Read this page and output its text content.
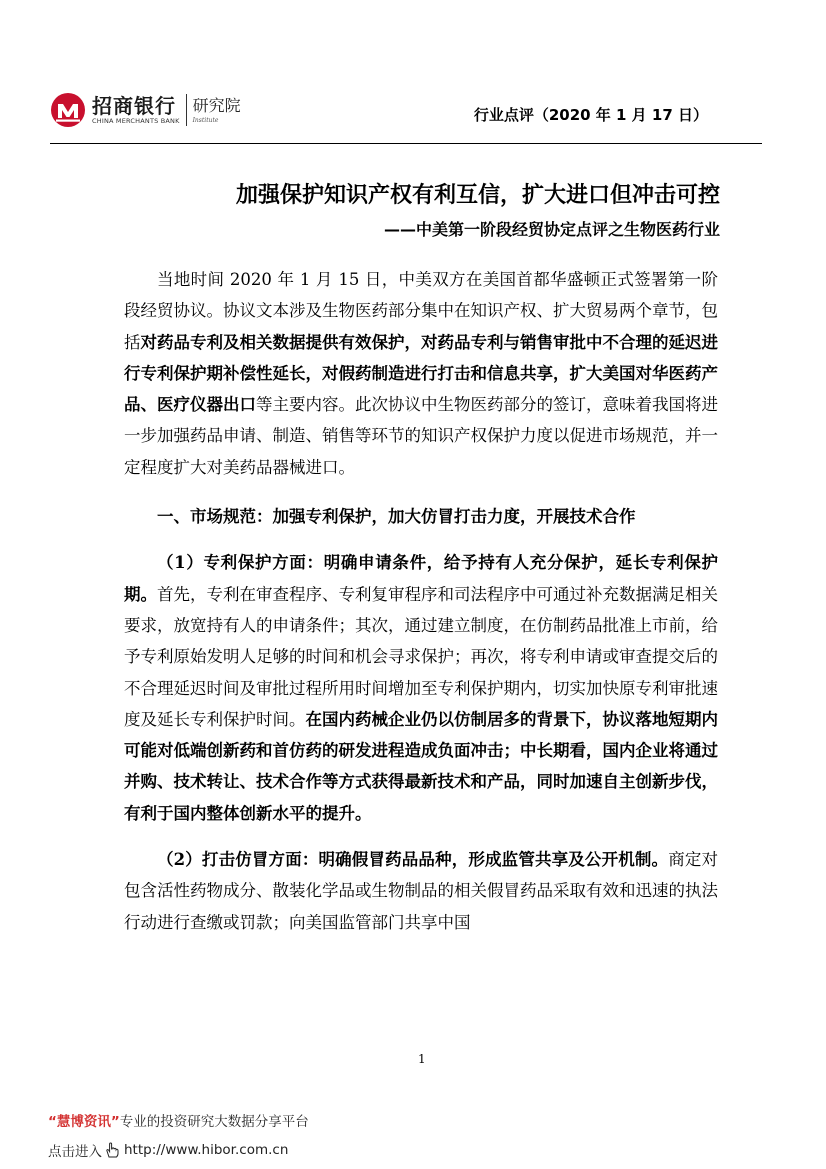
招商银行
CHINA MERCHANTS BANK
研究院
Institute	行业点评（2020 年 1 月 17 日）
加强保护知识产权有利互信，扩大进口但冲击可控
——中美第一阶段经贸协定点评之生物医药行业

当地时间 2020 年 1 月 15 日，中美双方在美国首都华盛顿正式签署第一阶段经贸协议。协议文本涉及生物医药部分集中在知识产权、扩大贸易两个章节，包括对药品专利及相关数据提供有效保护，对药品专利与销售审批中不合理的延迟进行专利保护期补偿性延长，对假药制造进行打击和信息共享，扩大美国对华医药产品、医疗仪器出口等主要内容。此次协议中生物医药部分的签订，意味着我国将进一步加强药品申请、制造、销售等环节的知识产权保护力度以促进市场规范，并一定程度扩大对美药品器械进口。

一、市场规范：加强专利保护，加大仿冒打击力度，开展技术合作

（1）专利保护方面：明确申请条件，给予持有人充分保护，延长专利保护期。首先，专利在审查程序、专利复审程序和司法程序中可通过补充数据满足相关要求，放宽持有人的申请条件；其次，通过建立制度，在仿制药品批准上市前，给予专利原始发明人足够的时间和机会寻求保护；再次，将专利申请或审查提交后的不合理延迟时间及审批过程所用时间增加至专利保护期内，切实加快原专利审批速度及延长专利保护时间。在国内药械企业仍以仿制居多的背景下，协议落地短期内可能对低端创新药和首仿药的研发进程造成负面冲击；中长期看，国内企业将通过并购、技术转让、技术合作等方式获得最新技术和产品，同时加速自主创新步伐，有利于国内整体创新水平的提升。

（2）打击仿冒方面：明确假冒药品品种，形成监管共享及公开机制。商定对包含活性药物成分、散装化学品或生物制品的相关假冒药品采取有效和迅速的执法行动进行查缴或罚款；向美国监管部门共享中国

1
“慧博资讯”专业的投资研究大数据分享平台
点击进入 http://www.hibor.com.cn
